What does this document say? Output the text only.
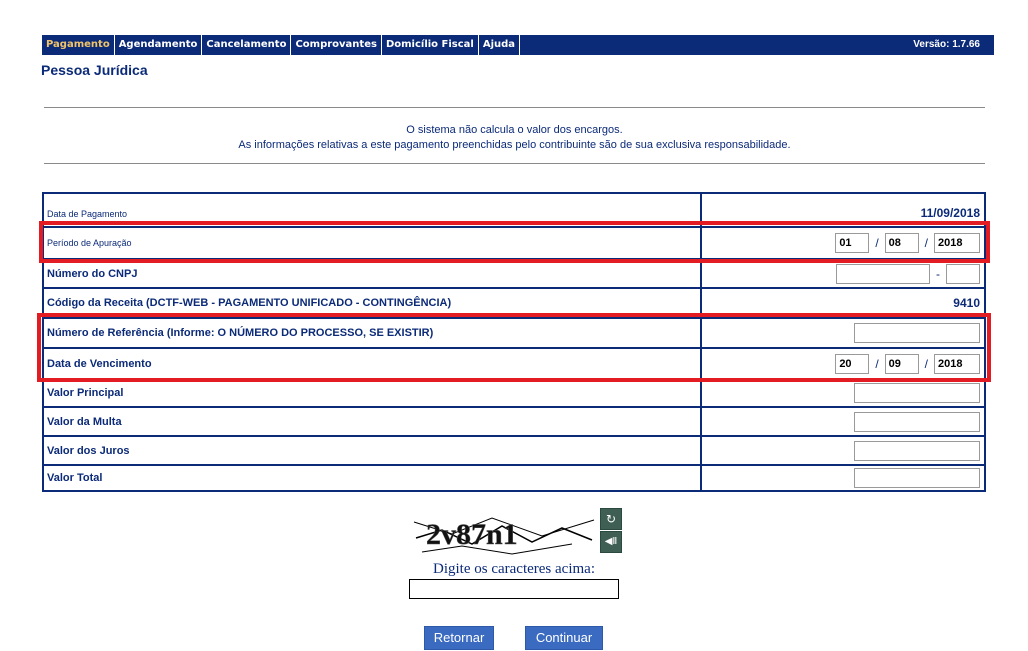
Pagamento Agendamento Cancelamento Comprovantes Domicílio Fiscal Ajuda	Versão: 1.7.66
Pessoa Jurídica
O sistema não calcula o valor dos encargos.
As informações relativas a este pagamento preenchidas pelo contribuinte são de sua exclusiva responsabilidade.
Data de Pagamento	11/09/2018
Período de Apuração	01	/ 08	/ 2018
Número do CNPJ	-
Código da Receita (DCTF-WEB - PAGAMENTO UNIFICADO - CONTINGÊNCIA)	9410
Número de Referência (Informe: O NÚMERO DO PROCESSO, SE EXISTIR)
Data de Vencimento	20	/ 09	/ 2018
Valor Principal
Valor da Multa
Valor dos Juros
Valor Total
2v87n1	↻
◀Ⅱ
Digite os caracteres acima:
Retornar	Continuar
